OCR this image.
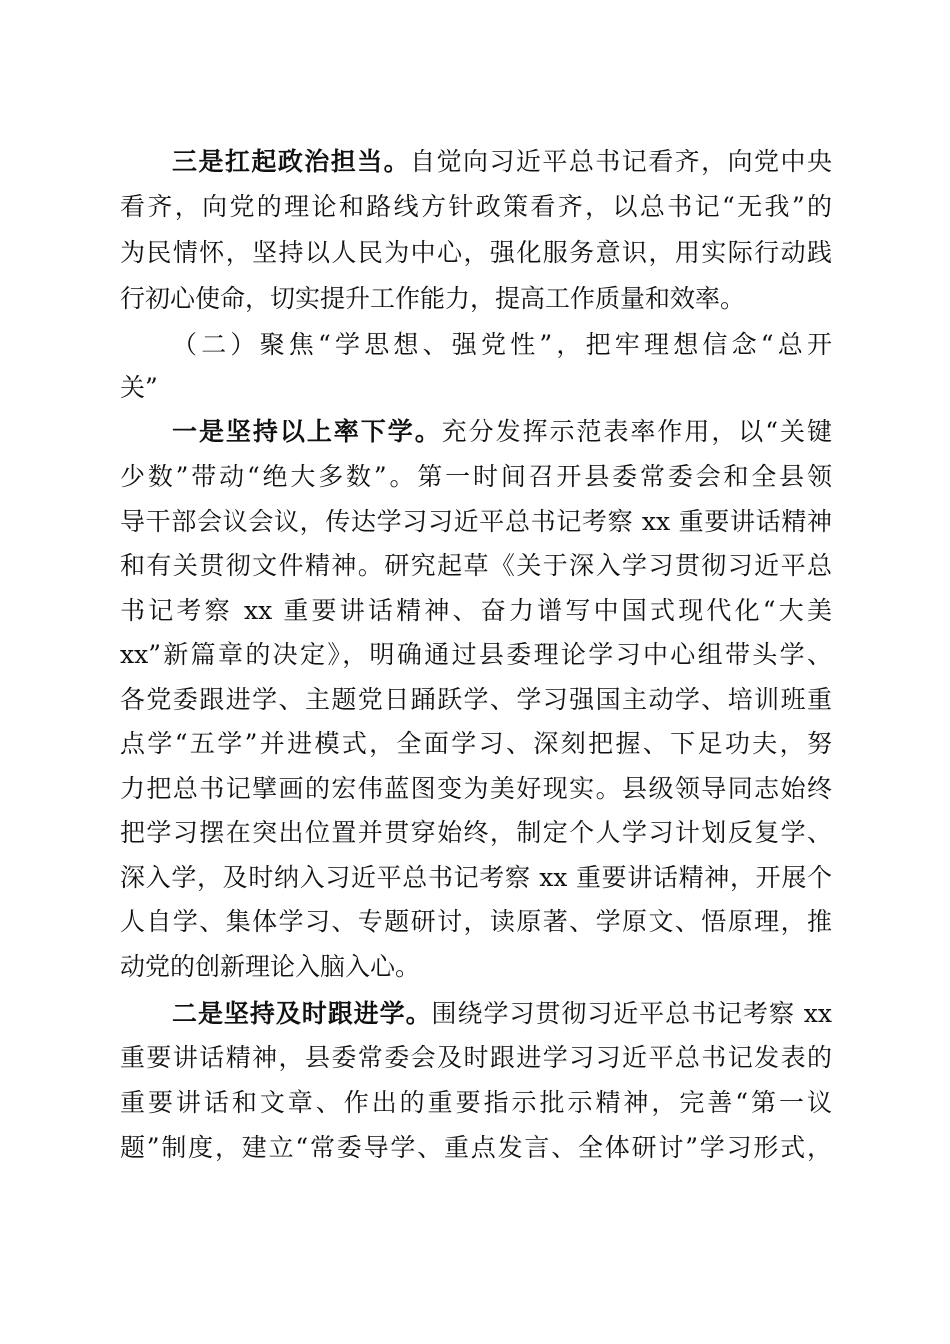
三是扛起政治担当。自觉向习近平总书记看齐，向党中央
看齐，向党的理论和路线方针政策看齐，以总书记“无我”的
为民情怀，坚持以人民为中心，强化服务意识，用实际行动践
行初心使命，切实提升工作能力，提高工作质量和效率。
（二）聚焦“学思想、强党性”，把牢理想信念“总开
关”
一是坚持以上率下学。充分发挥示范表率作用，以“关键
少数”带动“绝大多数”。第一时间召开县委常委会和全县领
导干部会议会议，传达学习习近平总书记考察 xx 重要讲话精神
和有关贯彻文件精神。研究起草《关于深入学习贯彻习近平总
书记考察 xx 重要讲话精神、奋力谱写中国式现代化“大美
xx”新篇章的决定》，明确通过县委理论学习中心组带头学、
各党委跟进学、主题党日踊跃学、学习强国主动学、培训班重
点学“五学”并进模式，全面学习、深刻把握、下足功夫，努
力把总书记擘画的宏伟蓝图变为美好现实。县级领导同志始终
把学习摆在突出位置并贯穿始终，制定个人学习计划反复学、
深入学，及时纳入习近平总书记考察 xx 重要讲话精神，开展个
人自学、集体学习、专题研讨，读原著、学原文、悟原理，推
动党的创新理论入脑入心。
二是坚持及时跟进学。围绕学习贯彻习近平总书记考察 xx
重要讲话精神，县委常委会及时跟进学习习近平总书记发表的
重要讲话和文章、作出的重要指示批示精神，完善“第一议
题”制度，建立“常委导学、重点发言、全体研讨”学习形式，
